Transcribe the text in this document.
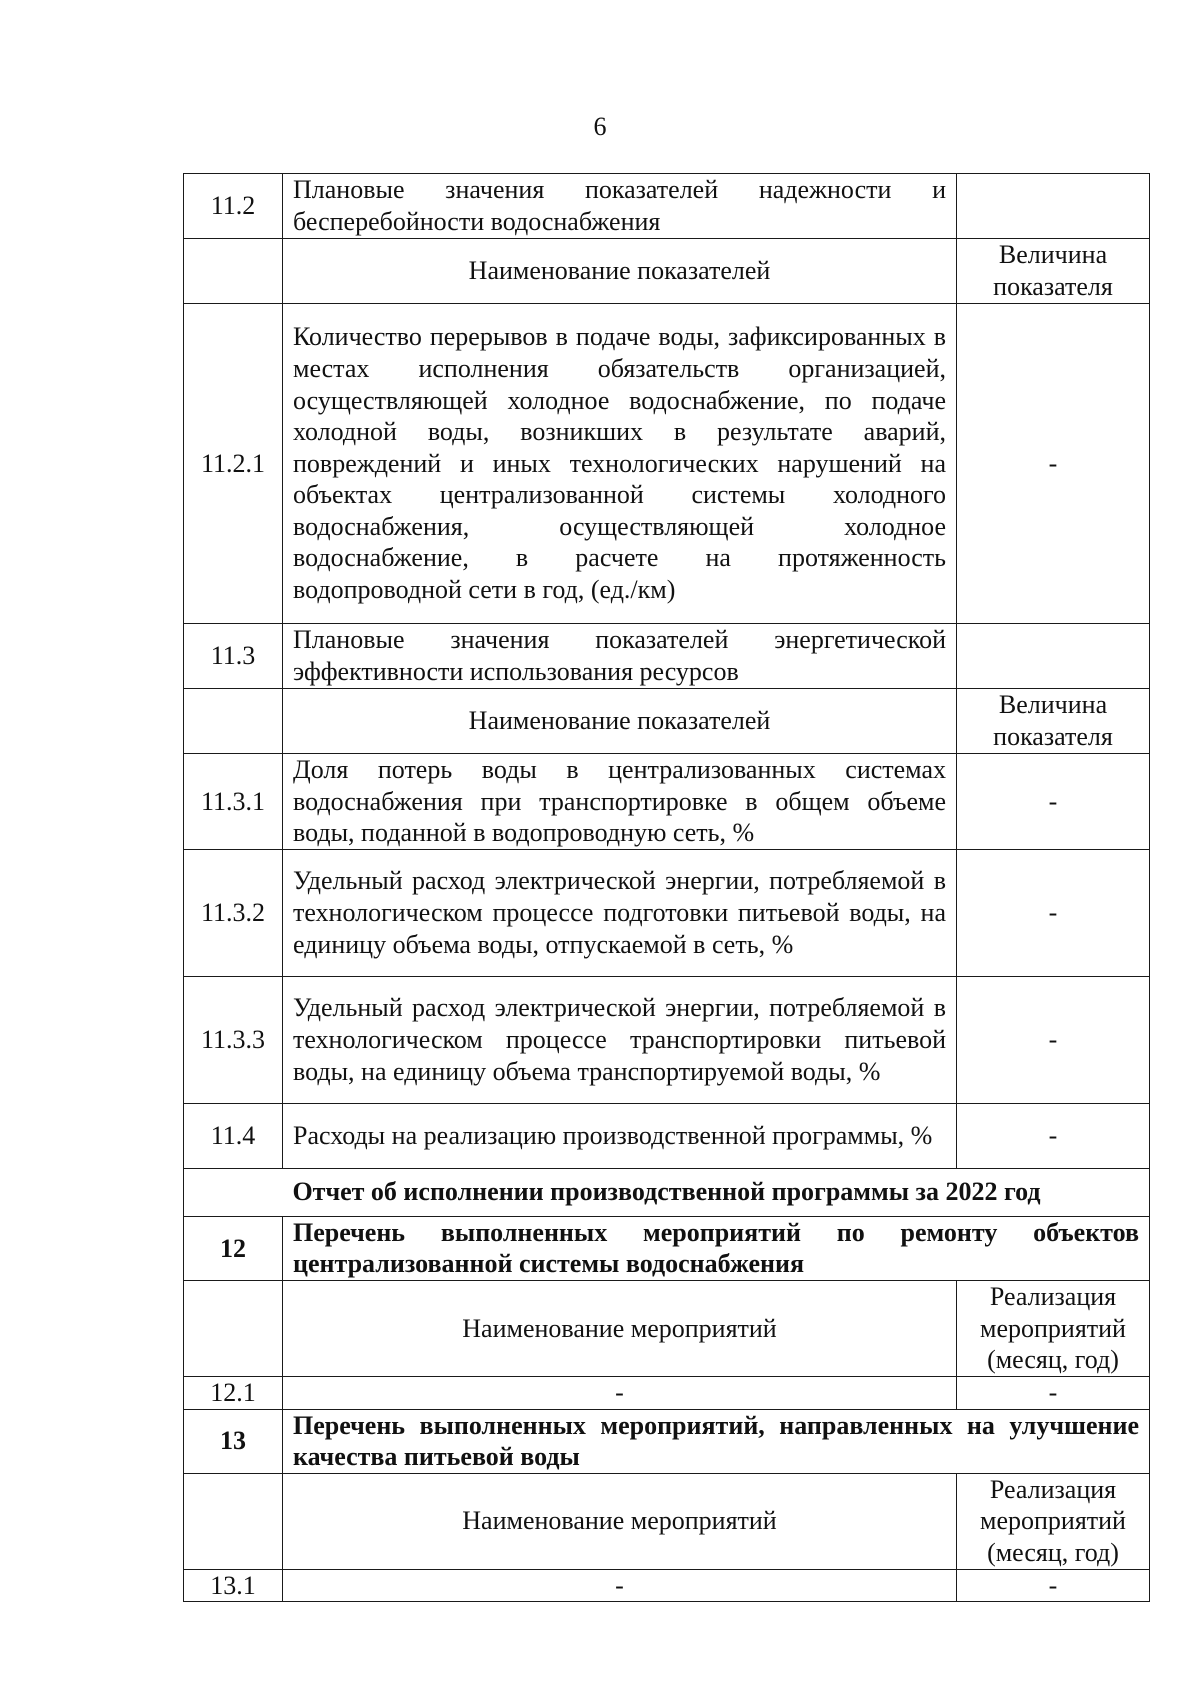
6
11.2	Плановые значения показателей надежности и бесперебойности водоснабжения	
	Наименование показателей	Величина показателя
11.2.1	Количество перерывов в подаче воды, зафиксированных в местах исполнения обязательств организацией, осуществляющей холодное водоснабжение, по подаче холодной воды, возникших в результате аварий, повреждений и иных технологических нарушений на объектах централизованной системы холодного водоснабжения, осуществляющей холодное водоснабжение, в расчете на протяженность водопроводной сети в год, (ед./км)	-
11.3	Плановые значения показателей энергетической эффективности использования ресурсов	
	Наименование показателей	Величина показателя
11.3.1	Доля потерь воды в централизованных системах водоснабжения при транспортировке в общем объеме воды, поданной в водопроводную сеть, %	-
11.3.2	Удельный расход электрической энергии, потребляемой в технологическом процессе подготовки питьевой воды, на единицу объема воды, отпускаемой в сеть, %	-
11.3.3	Удельный расход электрической энергии, потребляемой в технологическом процессе транспортировки питьевой воды, на единицу объема транспортируемой воды, %	-
11.4	Расходы на реализацию производственной программы, %	-
Отчет об исполнении производственной программы за 2022 год		
12	Перечень выполненных мероприятий по ремонту объектов централизованной системы водоснабжения	
	Наименование мероприятий	Реализация мероприятий (месяц, год)
12.1	-	-
13	Перечень выполненных мероприятий, направленных на улучшение качества питьевой воды	
	Наименование мероприятий	Реализация мероприятий (месяц, год)
13.1	-	-
